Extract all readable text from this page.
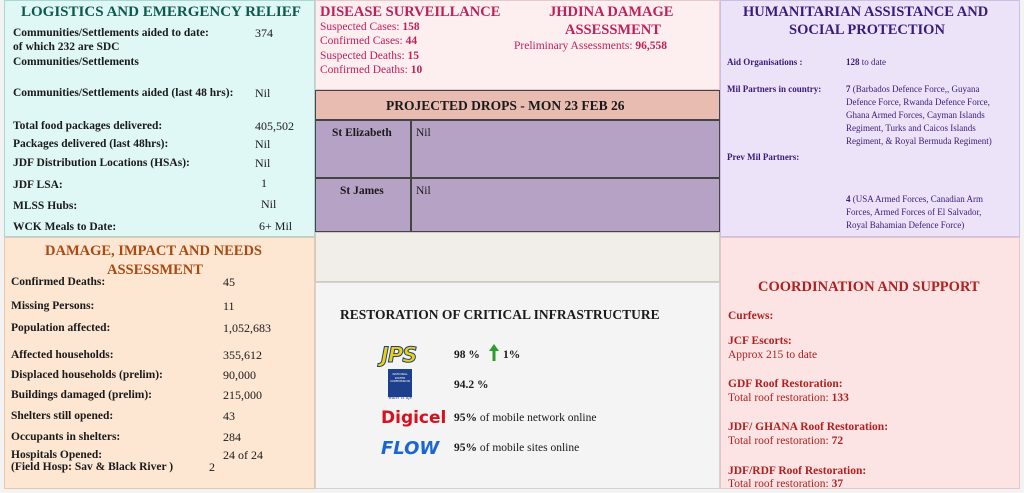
LOGISTICS AND EMERGENCY RELIEF
Communities/Settlements aided to date:
of which 232 are SDC
Communities/Settlements
374
Communities/Settlements aided (last 48 hrs): Nil
Total food packages delivered:	405,502
Packages delivered (last 48hrs):	Nil
JDF Distribution Locations (HSAs):	Nil
JDF LSA:	1
MLSS Hubs:	Nil
WCK Meals to Date:	6+ Mil
DAMAGE, IMPACT AND NEEDS
ASSESSMENT
Confirmed Deaths:	45
Missing Persons:	11
Population affected:	1,052,683
Affected households:	355,612
Displaced households (prelim):	90,000
Buildings damaged (prelim):	215,000
Shelters still opened:	43
Occupants in shelters:	284
Hospitals Opened:	24 of 24
(Field Hosp: Sav & Black River )	2
DISEASE SURVEILLANCE
Suspected Cases: 158
Confirmed Cases: 44
Suspected Deaths: 15
Confirmed Deaths: 10
JHDINA DAMAGE
ASSESSMENT
Preliminary Assessments: 96,558
PROJECTED DROPS - MON 23 FEB 26
St Elizabeth Nil
St James	Nil
RESTORATION OF CRITICAL INFRASTRUCTURE
JPS	98 % 1%
NATIONAL
WATER
COMMISSION
Water is life
94.2 %
Digicel 95% of mobile network online
FLOW 95% of mobile sites online
HUMANITARIAN ASSISTANCE AND
SOCIAL PROTECTION
Aid Organisations :	128 to date
Mil Partners in country:	7 (Barbados Defence Force,, Guyana
Defence Force, Rwanda Defence Force,
Ghana Armed Forces, Cayman Islands
Regiment, Turks and Caicos Islands
Regiment, & Royal Bermuda Regiment)
Prev Mil Partners:
4 (USA Armed Forces, Canadian Arm
Forces, Armed Forces of El Salvador,
Royal Bahamian Defence Force)
COORDINATION AND SUPPORT
Curfews:
JCF Escorts:
Approx 215 to date
GDF Roof Restoration:
Total roof restoration: 133
JDF/ GHANA Roof Restoration:
Total roof restoration: 72
JDF/RDF Roof Restoration:
Total roof restoration: 37
